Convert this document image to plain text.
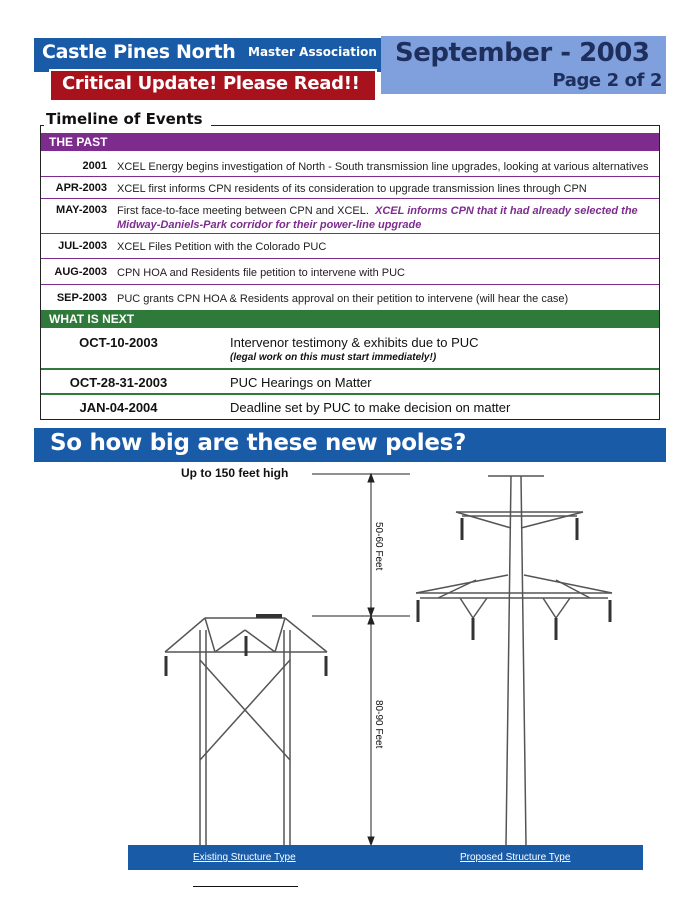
Castle Pines North Master Association
Critical Update! Please Read!!
September - 2003
Page 2 of 2
Timeline of Events
THE PAST
2001 XCEL Energy begins investigation of North - South transmission line upgrades, looking at various alternatives
APR-2003 XCEL first informs CPN residents of its consideration to upgrade transmission lines through CPN
MAY-2003 First face-to-face meeting between CPN and XCEL. XCEL informs CPN that it had already selected the Midway-Daniels-Park corridor for their power-line upgrade
JUL-2003 XCEL Files Petition with the Colorado PUC
AUG-2003 CPN HOA and Residents file petition to intervene with PUC
SEP-2003 PUC grants CPN HOA & Residents approval on their petition to intervene (will hear the case)
WHAT IS NEXT
OCT-10-2003	Intervenor testimony & exhibits due to PUC
(legal work on this must start immediately!)
OCT-28-31-2003	PUC Hearings on Matter
JAN-04-2004	Deadline set by PUC to make decision on matter
So how big are these new poles?
Up to 150 feet high
50-60 Feet
80-90 Feet
Existing Structure Type	Proposed Structure Type
